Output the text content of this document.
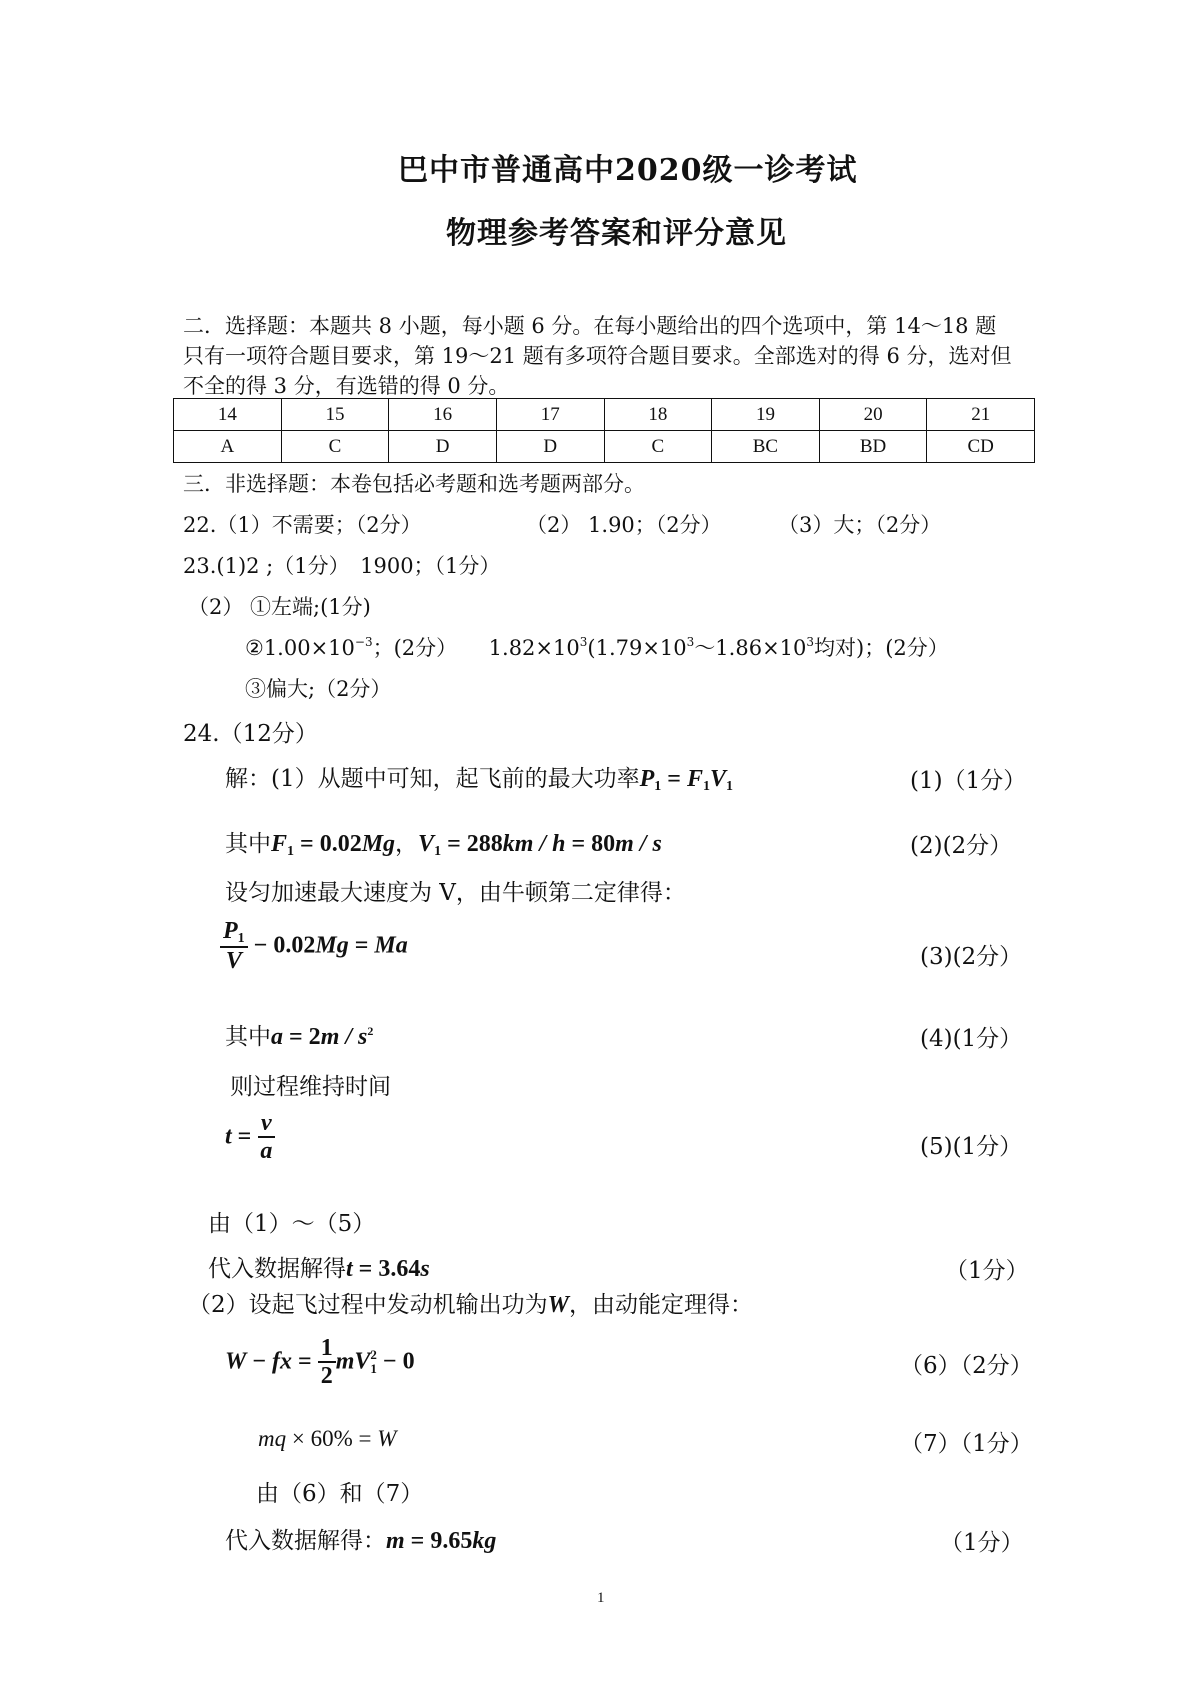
巴中市普通高中2020级一诊考试
物理参考答案和评分意见
二．选择题：本题共 8 小题，每小题 6 分。在每小题给出的四个选项中，第 14～18 题
只有一项符合题目要求，第 19～21 题有多项符合题目要求。全部选对的得 6 分，选对但
不全的得 3 分，有选错的得 0 分。
14	15	16	17	18	19	20	21
A	C	D	D	C	BC	BD	CD
三．非选择题：本卷包括必考题和选考题两部分。
22.（1）不需要；（2分）	（2） 1.90；（2分）	（3）大；（2分）
23.(1)2 ;（1分）　1900；（1分）
（2） ①左端;(1分)
$②1.00\times 10^{-3}$；(2分）　　$1.82\times 10^3(1.79\times 10^3\sim 1.86\times 10^3$均对)；(2分）
③偏大;（2分）
24.（12分）
解：(1）从题中可知，起飞前的最大功率$P_1 = F_1V_1$	(1)（1分）
其中$F_1 = 0.02Mg$，$V_1 = 288km / h = 80m / s$	(2)(2分）
设匀加速最大速度为 V，由牛顿第二定律得：
$\frac{P_1}{V} - 0.02Mg = Ma$	(3)(2分）
其中$a = 2m / s^2$	(4)(1分）
则过程维持时间
$t = \frac{v}{a}$	(5)(1分）
由（1）～（5）
代入数据解得t = 3.64s	（1分）
（2）设起飞过程中发动机输出功为W，由动能定理得：
W − fx = $\frac{1}{2}$ mV 2
1 − 0	（6）（2分）
mq × 60% = W	（7）（1分）
由（6）和（7）
代入数据解得：m = 9.65kg	（1分）
1
